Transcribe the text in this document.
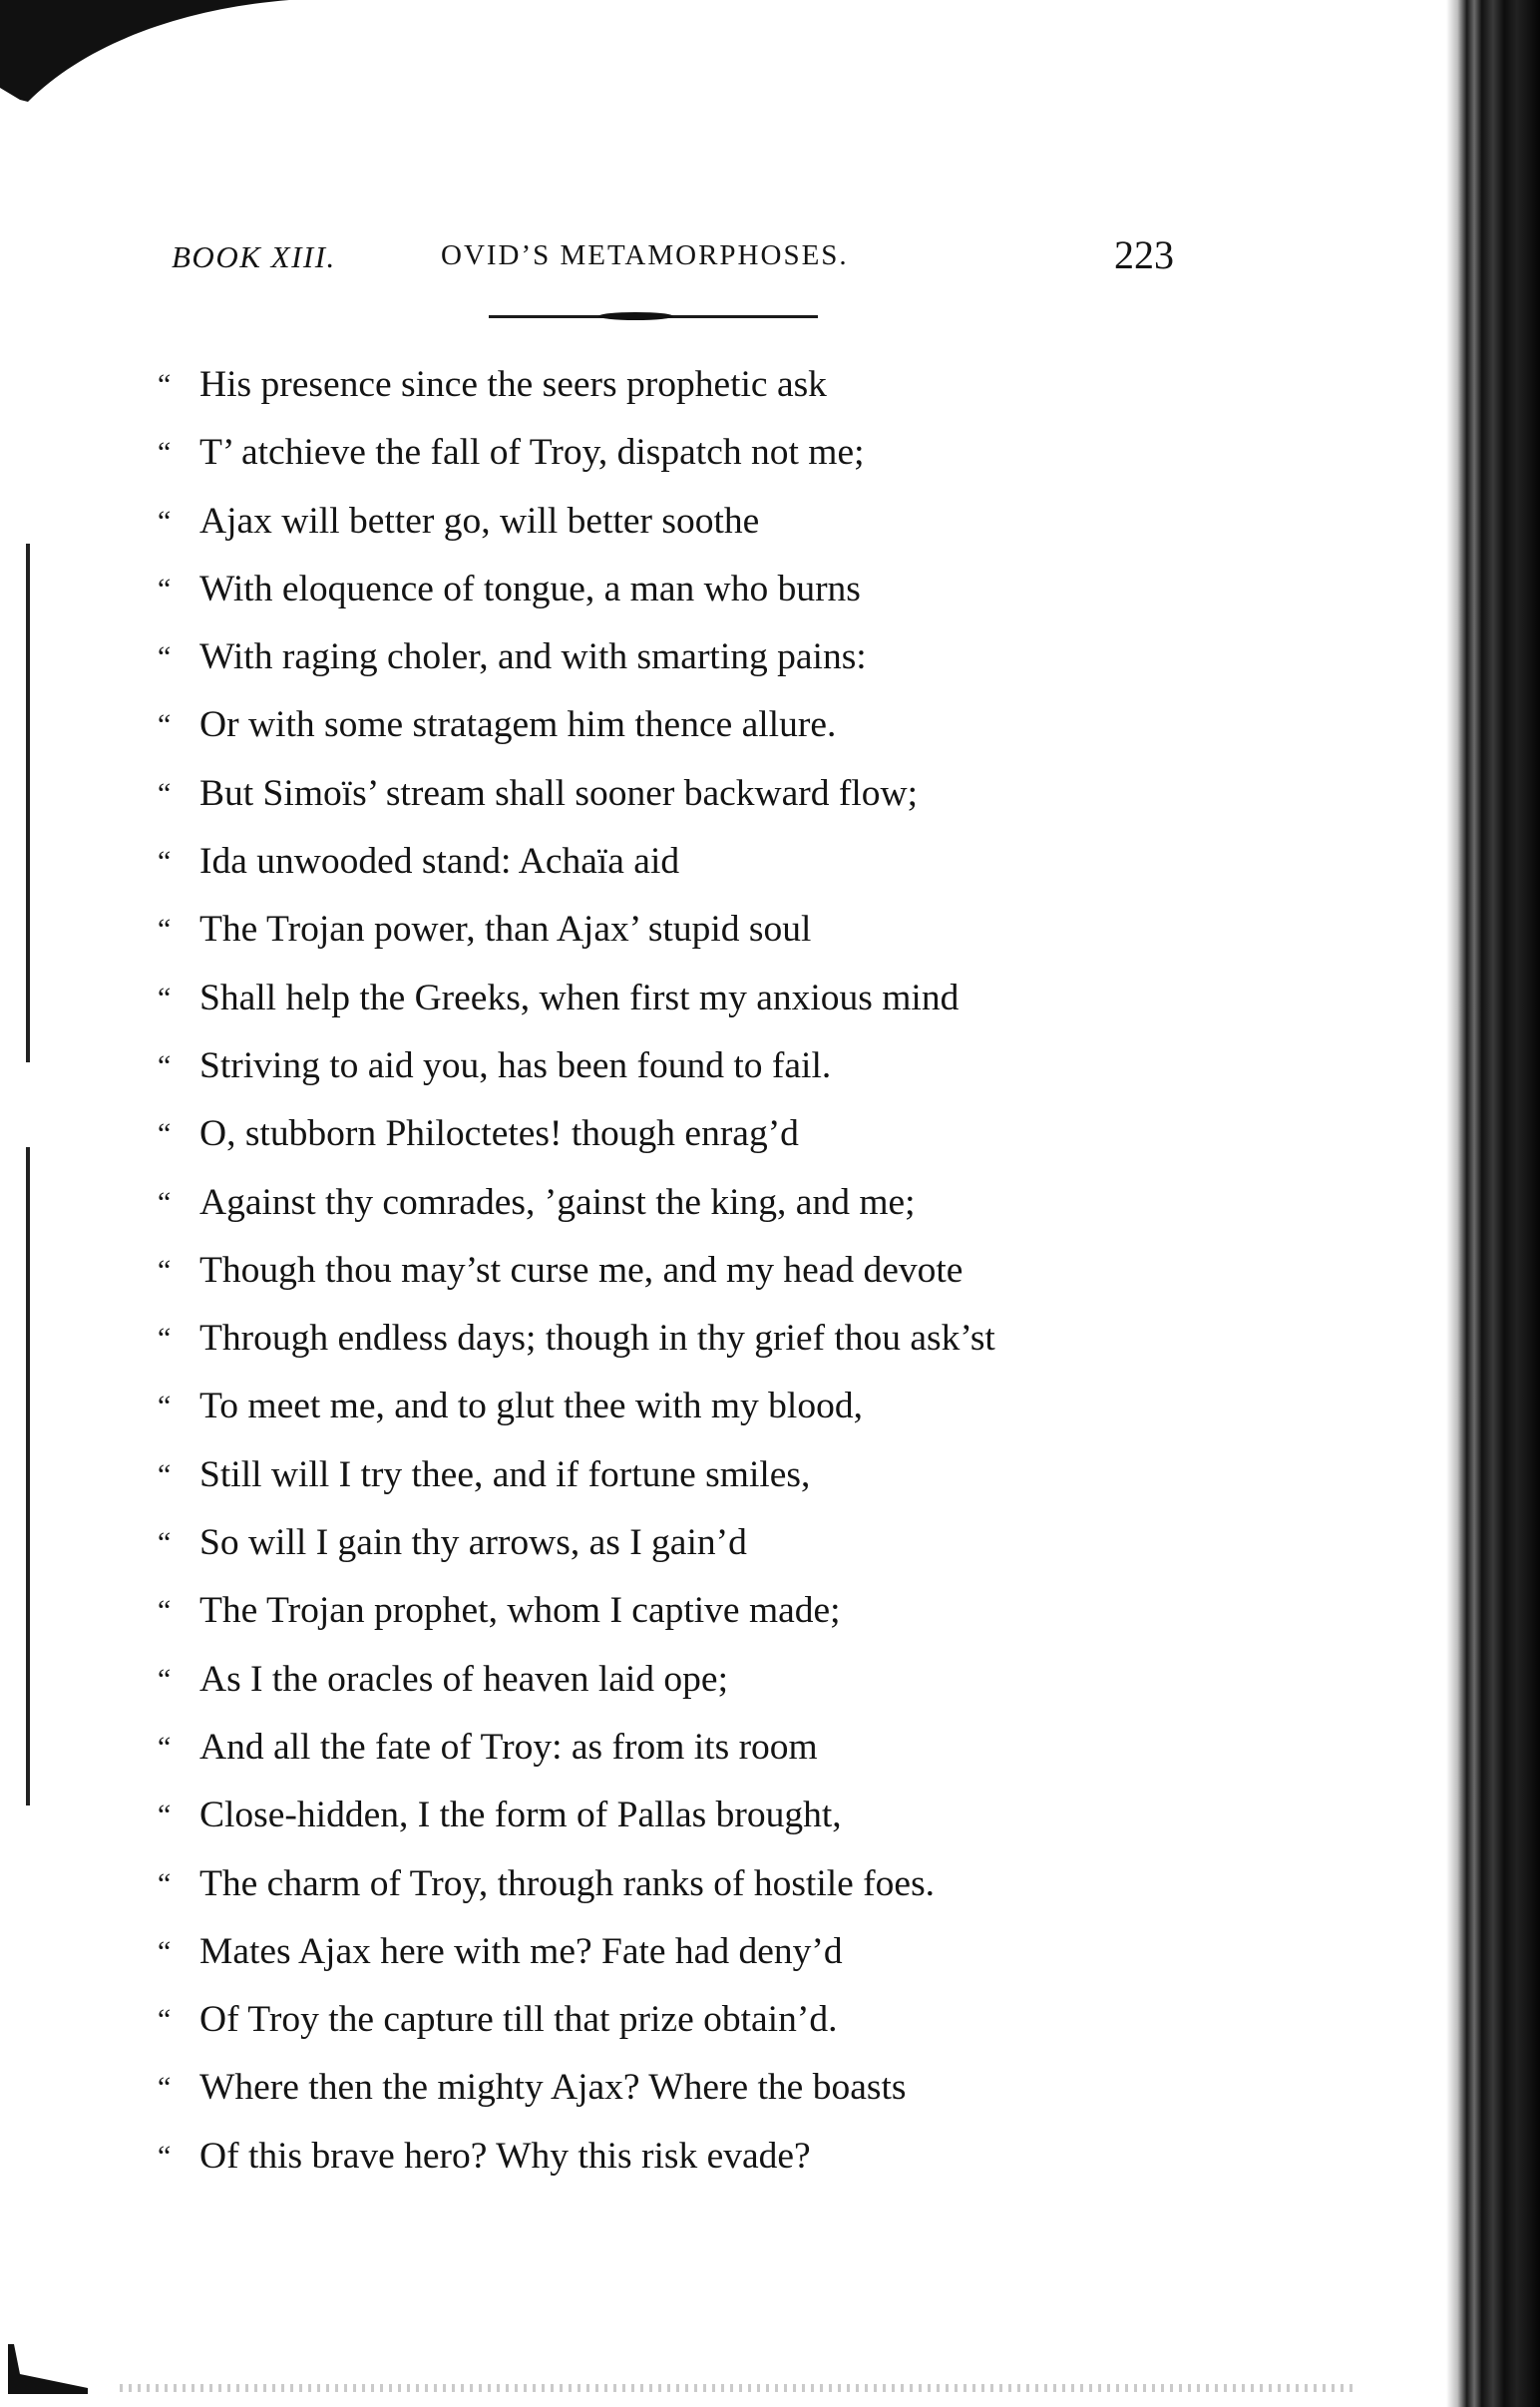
BOOK XIII.	OVID’S METAMORPHOSES.	223
“ His presence since the seers prophetic ask
“ T’ atchieve the fall of Troy, dispatch not me;
“ Ajax will better go, will better soothe
“ With eloquence of tongue, a man who burns
“ With raging choler, and with smarting pains:
“ Or with some stratagem him thence allure.
“ But Simoïs’ stream shall sooner backward flow;
“ Ida unwooded stand: Achaïa aid
“ The Trojan power, than Ajax’ stupid soul
“ Shall help the Greeks, when first my anxious mind
“ Striving to aid you, has been found to fail.
“ O, stubborn Philoctetes! though enrag’d
“ Against thy comrades, ’gainst the king, and me;
“ Though thou may’st curse me, and my head devote
“ Through endless days; though in thy grief thou ask’st
“ To meet me, and to glut thee with my blood,
“ Still will I try thee, and if fortune smiles,
“ So will I gain thy arrows, as I gain’d
“ The Trojan prophet, whom I captive made;
“ As I the oracles of heaven laid ope;
“ And all the fate of Troy: as from its room
“ Close-hidden, I the form of Pallas brought,
“ The charm of Troy, through ranks of hostile foes.
“ Mates Ajax here with me? Fate had deny’d
“ Of Troy the capture till that prize obtain’d.
“ Where then the mighty Ajax? Where the boasts
“ Of this brave hero? Why this risk evade?
